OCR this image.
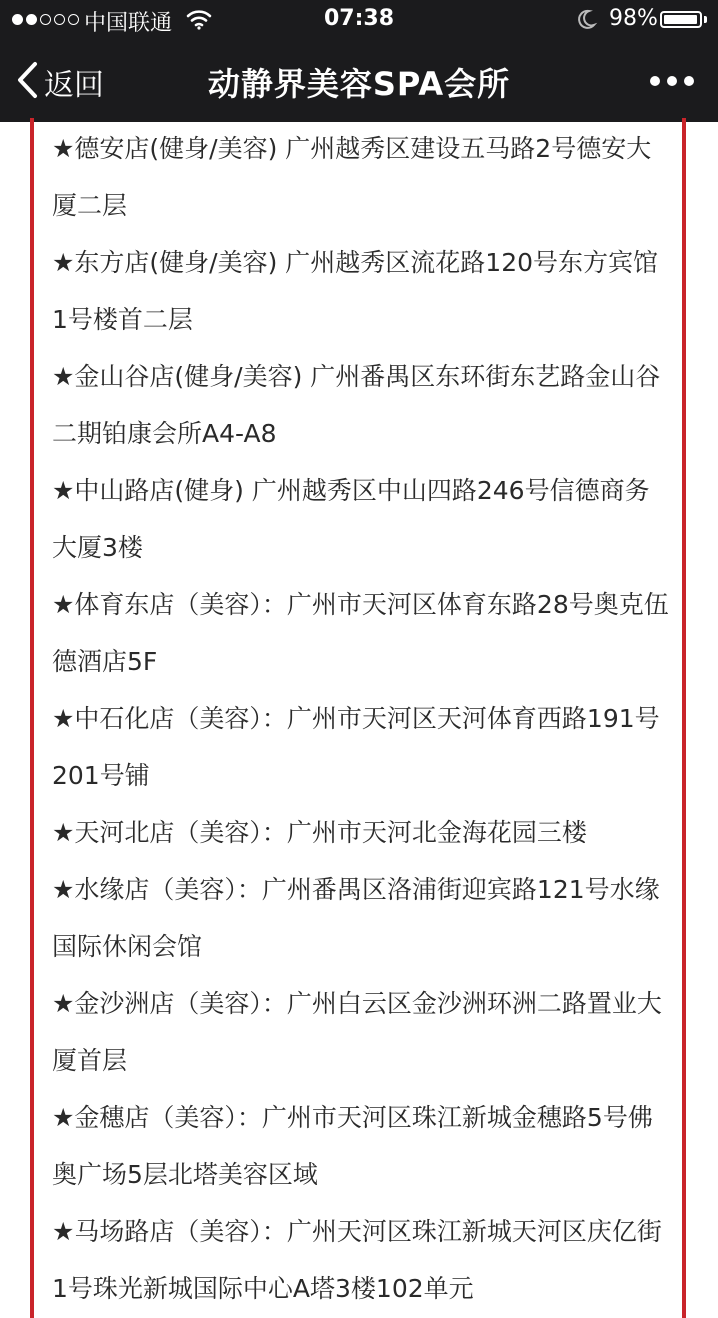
中国联通	07:38	98%
返回	动静界美容SPA会所
★德安店(健身/美容) 广州越秀区建设五马路2号德安大厦二层
★东方店(健身/美容) 广州越秀区流花路120号东方宾馆1号楼首二层
★金山谷店(健身/美容) 广州番禺区东环街东艺路金山谷二期铂康会所A4-A8
★中山路店(健身) 广州越秀区中山四路246号信德商务大厦3楼
★体育东店（美容）：广州市天河区体育东路28号奥克伍德酒店5F
★中石化店（美容）：广州市天河区天河体育西路191号201号铺
★天河北店（美容）：广州市天河北金海花园三楼
★水缘店（美容）：广州番禺区洛浦街迎宾路121号水缘国际休闲会馆
★金沙洲店（美容）：广州白云区金沙洲环洲二路置业大厦首层
★金穗店（美容）：广州市天河区珠江新城金穗路5号佛奥广场5层北塔美容区域
★马场路店（美容）：广州天河区珠江新城天河区庆亿街1号珠光新城国际中心A塔3楼102单元
